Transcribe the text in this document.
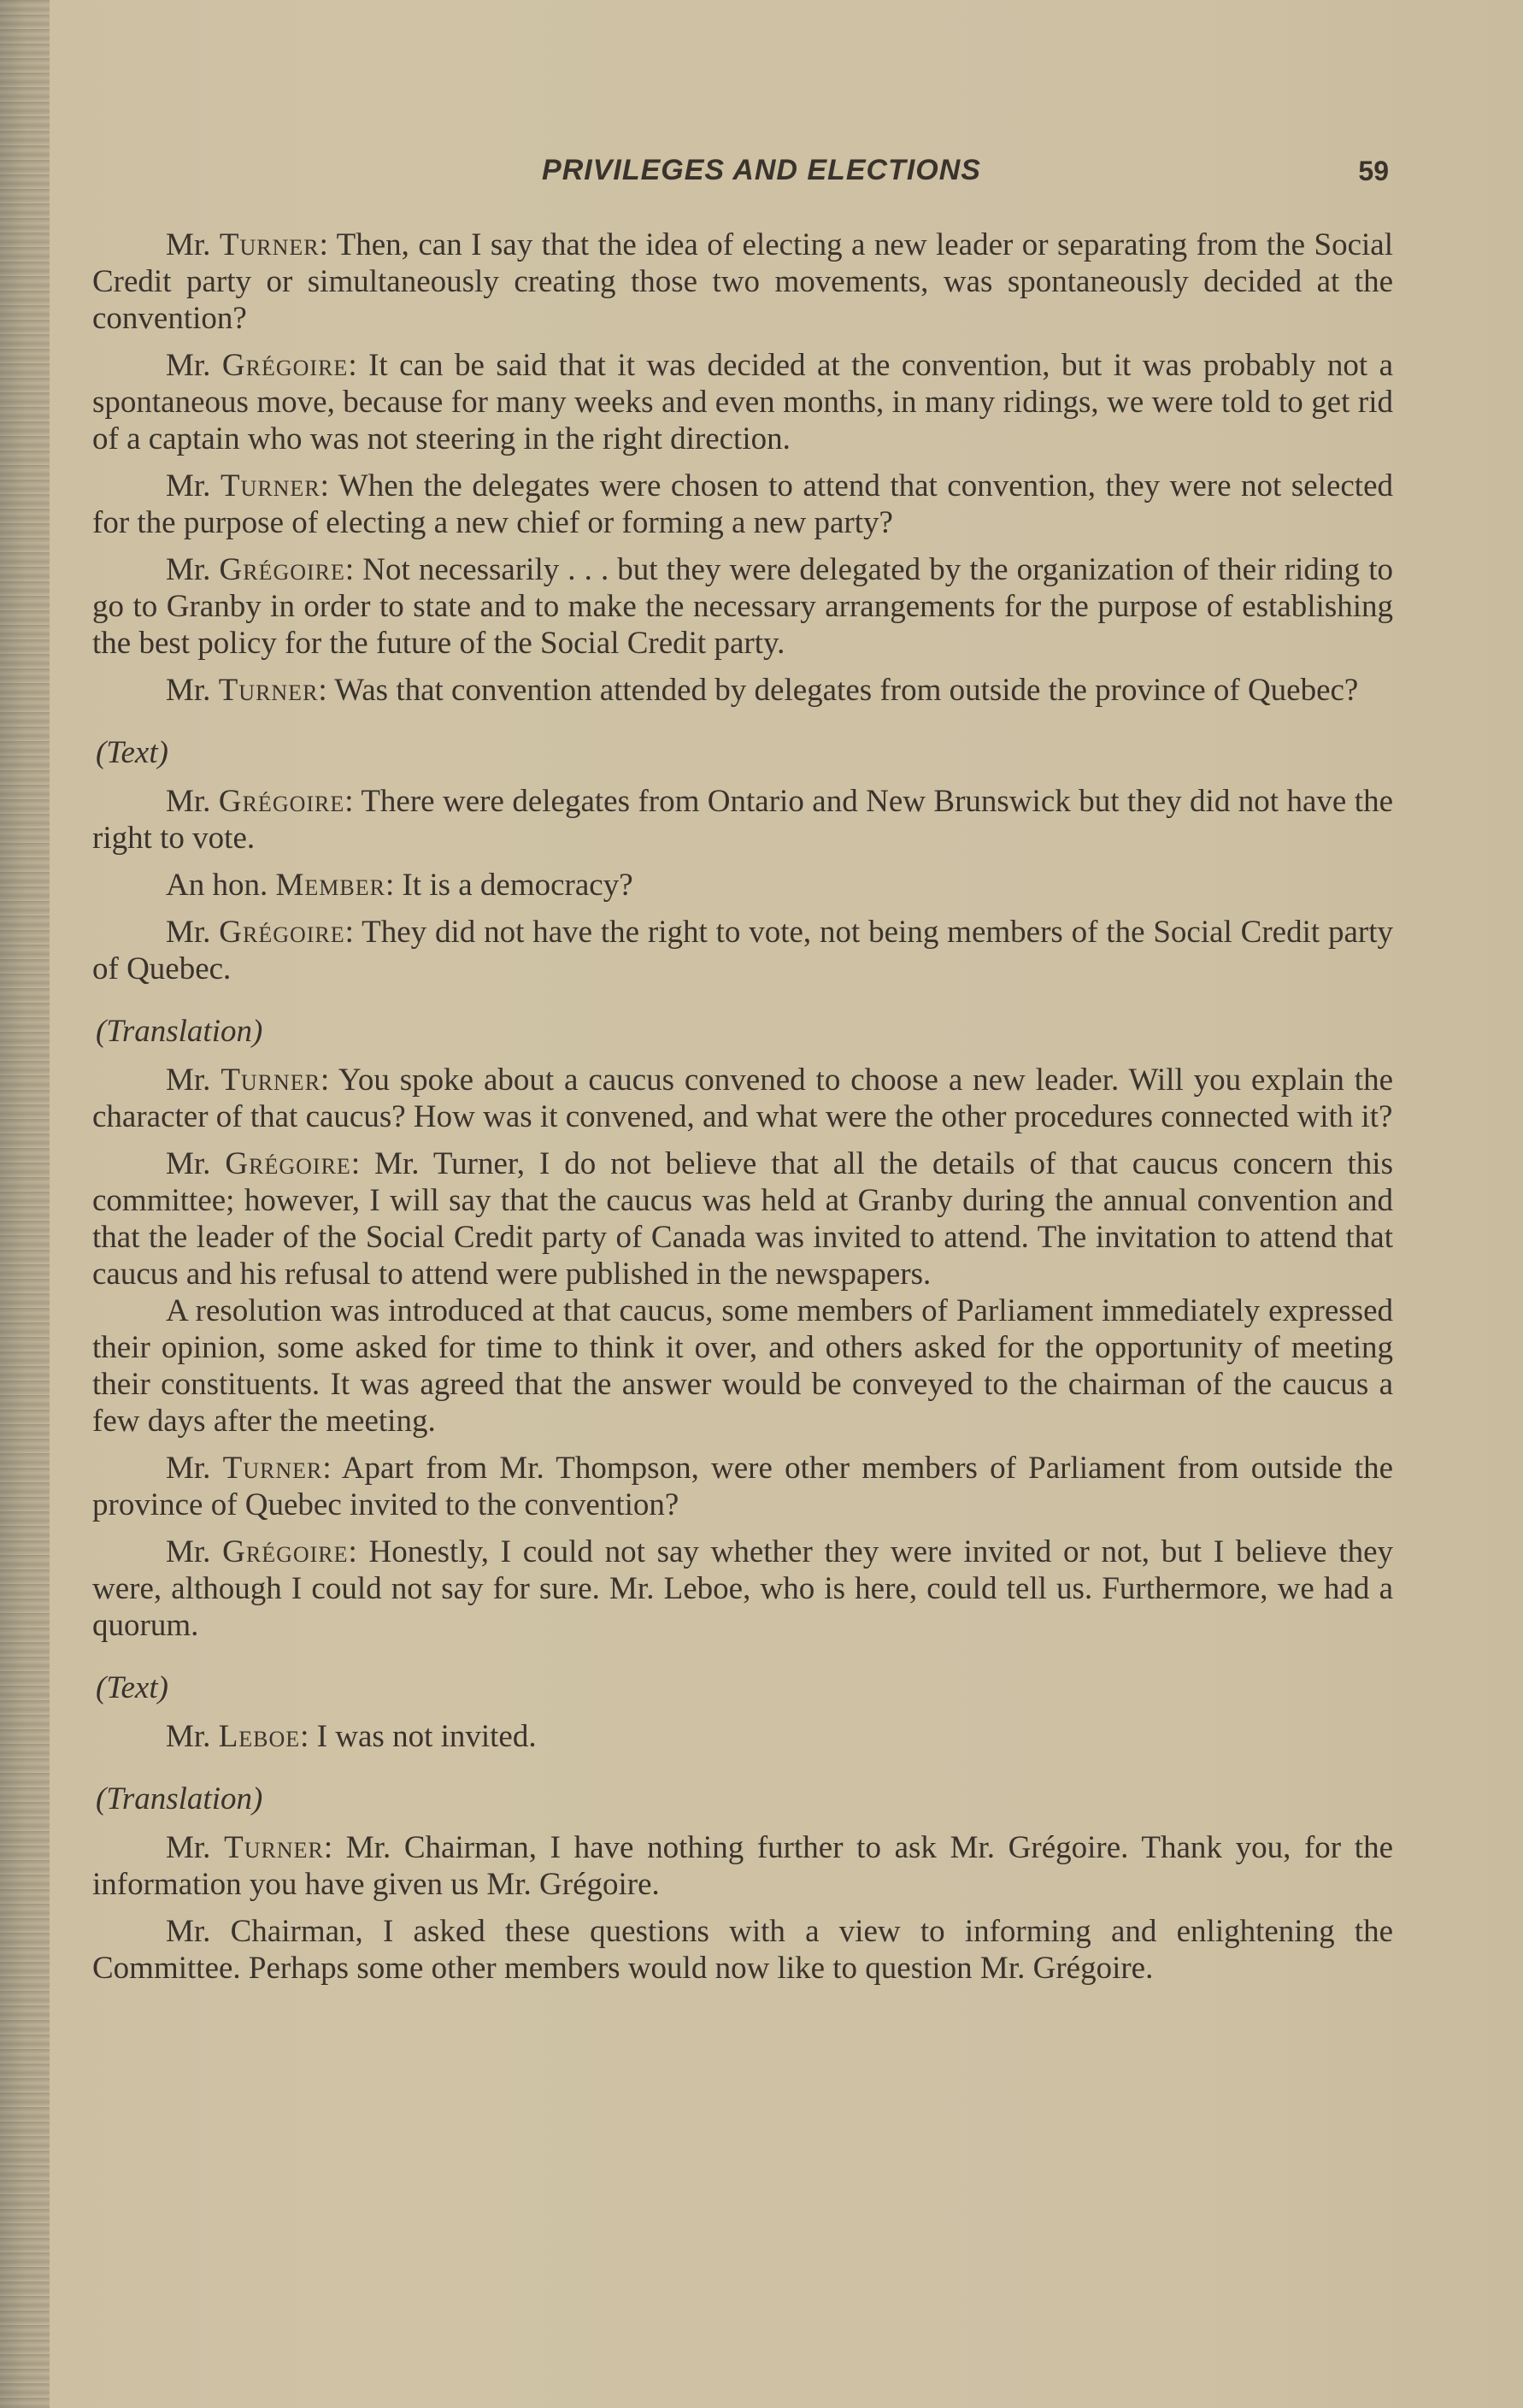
PRIVILEGES AND ELECTIONS	59

Mr. Turner: Then, can I say that the idea of electing a new leader or separating from the Social Credit party or simultaneously creating those two movements, was spontaneously decided at the convention?

Mr. Grégoire: It can be said that it was decided at the convention, but it was probably not a spontaneous move, because for many weeks and even months, in many ridings, we were told to get rid of a captain who was not steering in the right direction.

Mr. Turner: When the delegates were chosen to attend that convention, they were not selected for the purpose of electing a new chief or forming a new party?

Mr. Grégoire: Not necessarily . . . but they were delegated by the organization of their riding to go to Granby in order to state and to make the necessary arrangements for the purpose of establishing the best policy for the future of the Social Credit party.

Mr. Turner: Was that convention attended by delegates from outside the province of Quebec?

(Text)

Mr. Grégoire: There were delegates from Ontario and New Brunswick but they did not have the right to vote.

An hon. Member: It is a democracy?

Mr. Grégoire: They did not have the right to vote, not being members of the Social Credit party of Quebec.

(Translation)

Mr. Turner: You spoke about a caucus convened to choose a new leader. Will you explain the character of that caucus? How was it convened, and what were the other procedures connected with it?

Mr. Grégoire: Mr. Turner, I do not believe that all the details of that caucus concern this committee; however, I will say that the caucus was held at Granby during the annual convention and that the leader of the Social Credit party of Canada was invited to attend. The invitation to attend that caucus and his refusal to attend were published in the newspapers.

A resolution was introduced at that caucus, some members of Parliament immediately expressed their opinion, some asked for time to think it over, and others asked for the opportunity of meeting their constituents. It was agreed that the answer would be conveyed to the chairman of the caucus a few days after the meeting.

Mr. Turner: Apart from Mr. Thompson, were other members of Parliament from outside the province of Quebec invited to the convention?

Mr. Grégoire: Honestly, I could not say whether they were invited or not, but I believe they were, although I could not say for sure. Mr. Leboe, who is here, could tell us. Furthermore, we had a quorum.

(Text)

Mr. Leboe: I was not invited.

(Translation)

Mr. Turner: Mr. Chairman, I have nothing further to ask Mr. Grégoire. Thank you, for the information you have given us Mr. Grégoire.

Mr. Chairman, I asked these questions with a view to informing and enlightening the Committee. Perhaps some other members would now like to question Mr. Grégoire.
